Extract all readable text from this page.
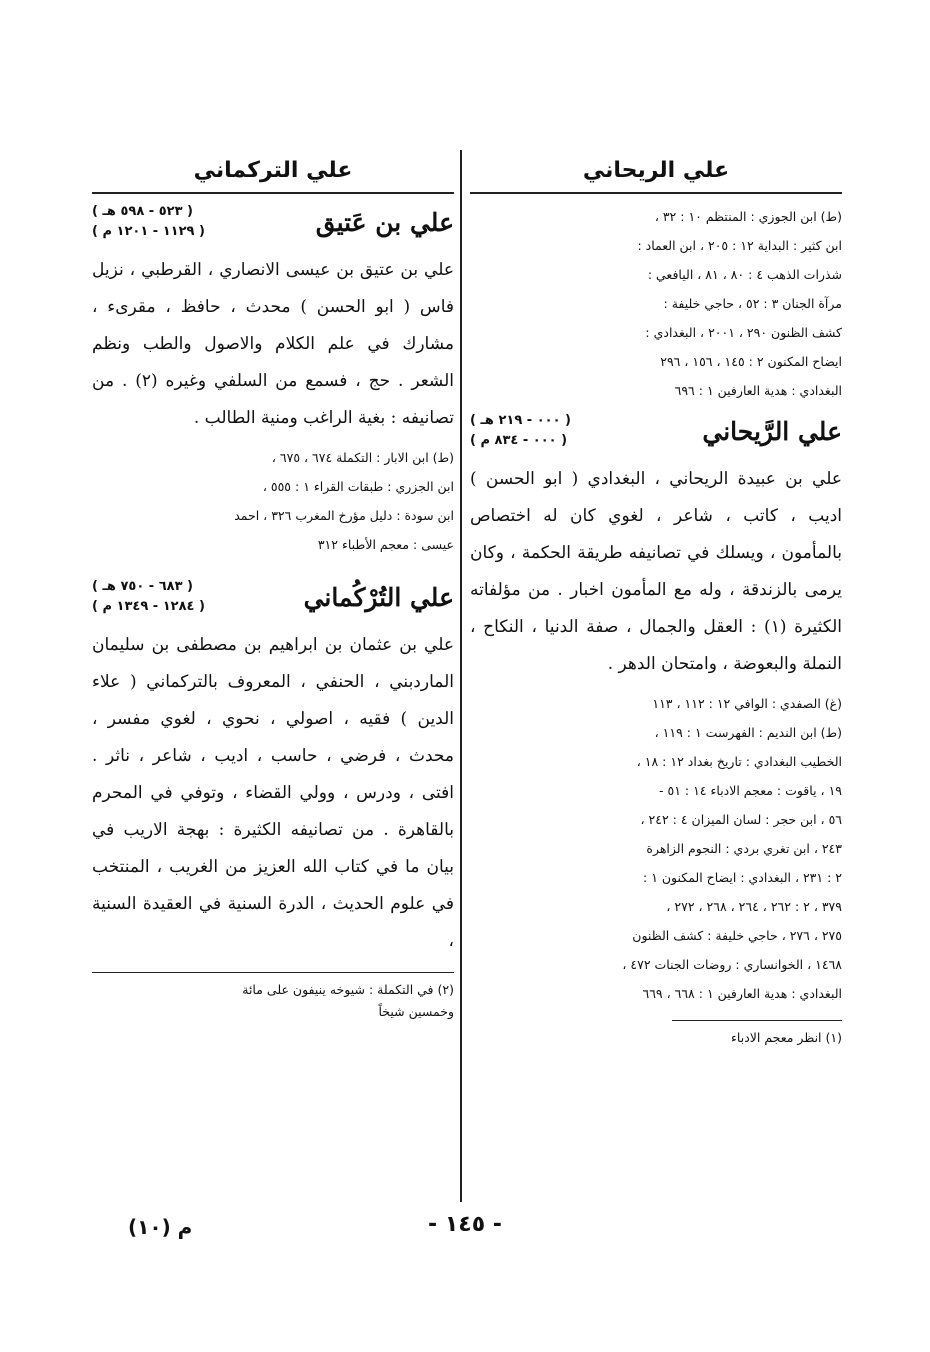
علي الريحاني
(ط) ابن الجوزي : المنتظم ١٠ : ٣٢ ،
ابن كثير : البداية ١٢ : ٢٠٥ ، ابن العماد :
شذرات الذهب ٤ : ٨٠ ، ٨١ ، اليافعي :
مرآة الجنان ٣ : ٥٢ ، حاجي خليفة :
كشف الظنون ٢٩٠ ، ٢٠٠١ ، البغدادي :
ايضاح المكنون ٢ : ١٤٥ ، ١٥٦ ، ٢٩٦
البغدادي : هدية العارفين ١ : ٦٩٦
علي الرَّيحاني
( ٠٠٠ - ٢١٩ هـ )
( ٠٠٠ - ٨٣٤ م )

علي بن عبيدة الريحاني ، البغدادي ( ابو الحسن ) اديب ، كاتب ، شاعر ، لغوي كان له اختصاص بالمأمون ، ويسلك في تصانيفه طريقة الحكمة ، وكان يرمى بالزندقة ، وله مع المأمون اخبار . من مؤلفاته الكثيرة (١) : العقل والجمال ، صفة الدنيا ، النكاح ، النملة والبعوضة ، وامتحان الدهر .

(غ) الصفدي : الوافي ١٢ : ١١٢ ، ١١٣
(ط) ابن النديم : الفهرست ١ : ١١٩ ،
الخطيب البغدادي : تاريخ بغداد ١٢ : ١٨ ،
١٩ ، ياقوت : معجم الادباء ١٤ : ٥١ -
٥٦ ، ابن حجر : لسان الميزان ٤ : ٢٤٢ ،
٢٤٣ ، ابن تغري بردي : النجوم الزاهرة
٢ : ٢٣١ ، البغدادي : ايضاح المكنون ١ :
٣٧٩ ، ٢ : ٢٦٢ ، ٢٦٤ ، ٢٦٨ ، ٢٧٢ ،
٢٧٥ ، ٢٧٦ ، حاجي خليفة : كشف الظنون
١٤٦٨ ، الخوانساري : روضات الجنات ٤٧٢ ،
البغدادي : هدية العارفين ١ : ٦٦٨ ، ٦٦٩
(١) انظر معجم الادباء
علي التركماني
علي بن عَتيق
( ٥٢٣ - ٥٩٨ هـ )
( ١١٢٩ - ١٢٠١ م )

علي بن عتيق بن عيسى الانصاري ، القرطبي ، نزيل فاس ( ابو الحسن ) محدث ، حافظ ، مقرىء ، مشارك في علم الكلام والاصول والطب ونظم الشعر . حج ، فسمع من السلفي وغيره (٢) . من تصانيفه : بغية الراغب ومنية الطالب .

(ط) ابن الابار : التكملة ٦٧٤ ، ٦٧٥ ،
ابن الجزري : طبقات القراء ١ : ٥٥٥ ،
ابن سودة : دليل مؤرخ المغرب ٣٢٦ ، احمد
عيسى : معجم الأطباء ٣١٢
علي التُرْكُماني
( ٦٨٣ - ٧٥٠ هـ )
( ١٢٨٤ - ١٣٤٩ م )

علي بن عثمان بن ابراهيم بن مصطفى بن سليمان الماردبني ، الحنفي ، المعروف بالتركماني ( علاء الدين ) فقيه ، اصولي ، نحوي ، لغوي مفسر ، محدث ، فرضي ، حاسب ، اديب ، شاعر ، ناثر . افتى ، ودرس ، وولي القضاء ، وتوفي في المحرم بالقاهرة . من تصانيفه الكثيرة : بهجة الاريب في بيان ما في كتاب الله العزيز من الغريب ، المنتخب في علوم الحديث ، الدرة السنية في العقيدة السنية ،

(٢) في التكملة : شيوخه ينيفون على مائة
وخمسين شيخاً
- ١٤٥ -
م (١٠)
